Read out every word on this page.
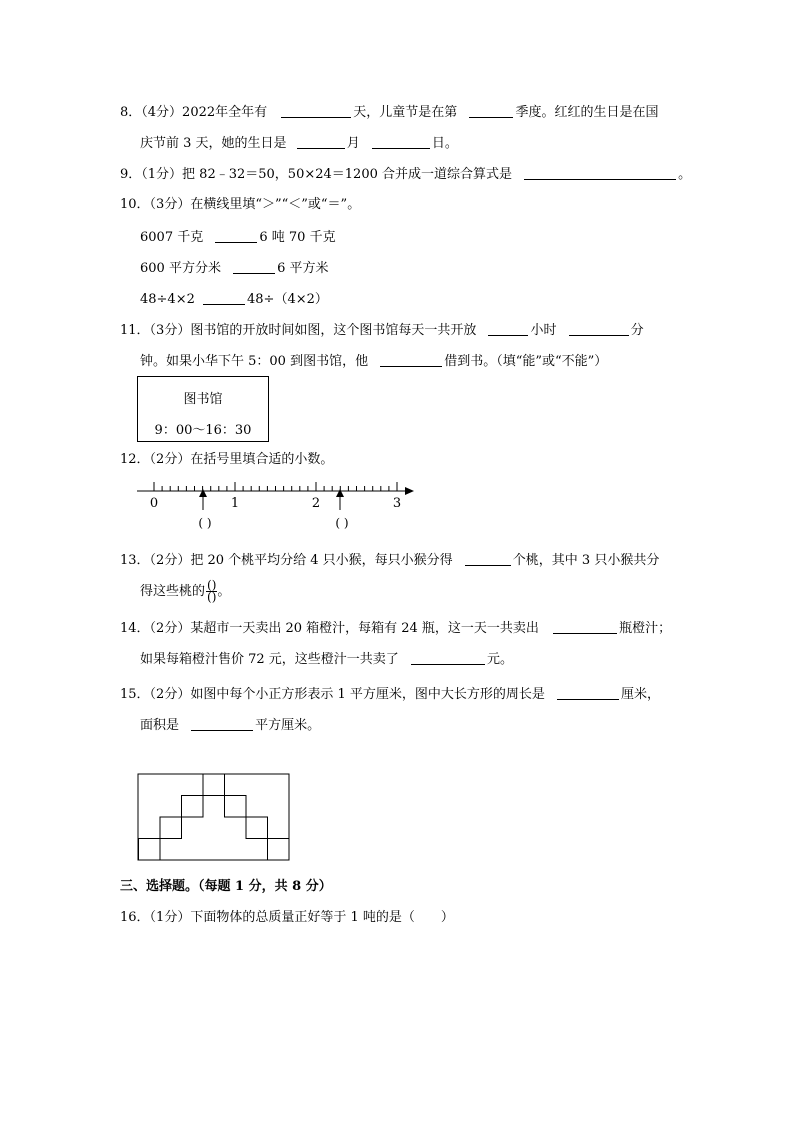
8．（4分）2022年全年有	天，儿童节是在第	季度。红红的生日是在国
庆节前 3 天，她的生日是	月	日。
9．（1分）把 82﹣32＝50，50×24＝1200 合并成一道综合算式是	。
10．（3分）在横线里填“＞”“＜”或“＝”。
6007 千克	6 吨 70 千克
600 平方分米	6 平方米
48÷4×2	48÷（4×2）
11．（3分）图书馆的开放时间如图，这个图书馆每天一共开放	小时	分
钟。如果小华下午 5：00 到图书馆，他	借到书。（填“能”或“不能”）
图书馆
9：00～16：30
12．（2分）在括号里填合适的小数。
0	1	2	3
( )	( )
13．（2分）把 20 个桃平均分给 4 只小猴，每只小猴分得	个桃，其中 3 只小猴共分
得这些桃的 $\frac{()}{()}$ 。
14．（2分）某超市一天卖出 20 箱橙汁，每箱有 24 瓶，这一天一共卖出	瓶橙汁；
如果每箱橙汁售价 72 元，这些橙汁一共卖了	元。
15．（2分）如图中每个小正方形表示 1 平方厘米，图中大长方形的周长是	厘米，
面积是	平方厘米。
三、选择题。（每题 1 分，共 8 分）
16．（1分）下面物体的总质量正好等于 1 吨的是（　　）
